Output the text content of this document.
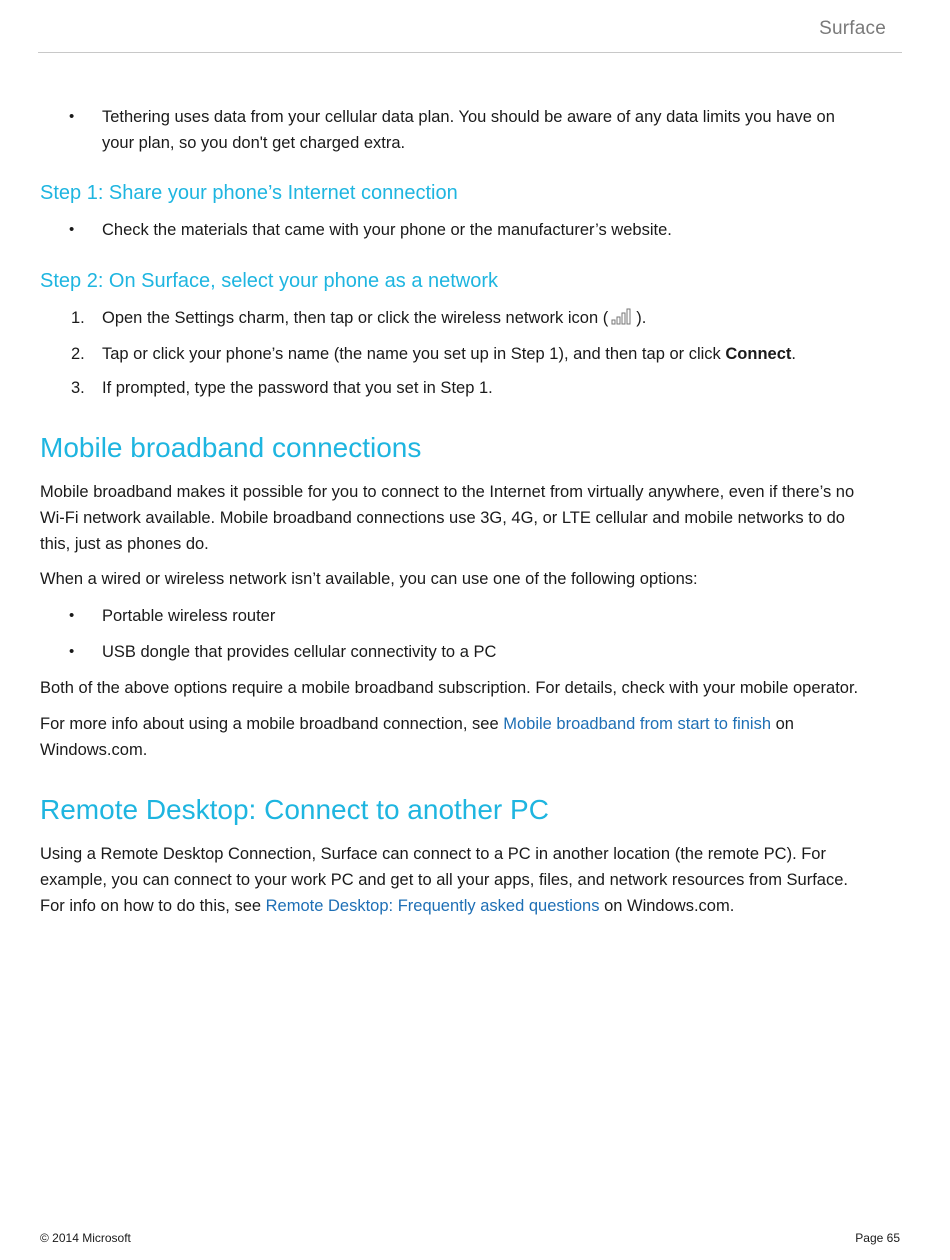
Surface
• Tethering uses data from your cellular data plan. You should be aware of any data limits you have on
your plan, so you don't get charged extra.
Step 1: Share your phone’s Internet connection
• Check the materials that came with your phone or the manufacturer’s website.
Step 2: On Surface, select your phone as a network
1. Open the Settings charm, then tap or click the wireless network icon ( ).
2. Tap or click your phone’s name (the name you set up in Step 1), and then tap or click Connect.
3. If prompted, type the password that you set in Step 1.
Mobile broadband connections

Mobile broadband makes it possible for you to connect to the Internet from virtually anywhere, even if there’s no
Wi-Fi network available. Mobile broadband connections use 3G, 4G, or LTE cellular and mobile networks to do
this, just as phones do.

When a wired or wireless network isn’t available, you can use one of the following options:

• Portable wireless router
• USB dongle that provides cellular connectivity to a PC

Both of the above options require a mobile broadband subscription. For details, check with your mobile operator.

For more info about using a mobile broadband connection, see Mobile broadband from start to finish on
Windows.com.

Remote Desktop: Connect to another PC

Using a Remote Desktop Connection, Surface can connect to a PC in another location (the remote PC). For
example, you can connect to your work PC and get to all your apps, files, and network resources from Surface.
For info on how to do this, see Remote Desktop: Frequently asked questions on Windows.com.

© 2014 Microsoft	Page 65
